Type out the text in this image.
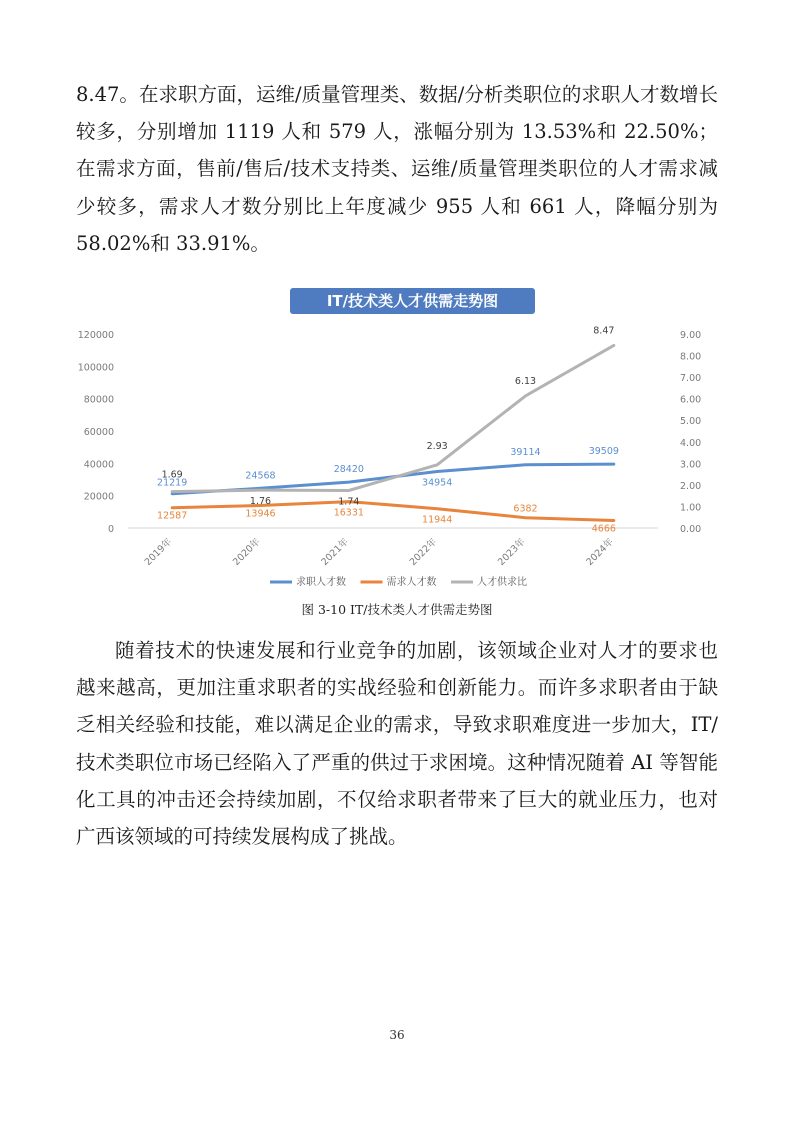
8.47。在求职方面，运维/质量管理类、数据/分析类职位的求职人才数增长较多，分别增加 1119 人和 579 人，涨幅分别为 13.53%和 22.50%；在需求方面，售前/售后/技术支持类、运维/质量管理类职位的人才需求减少较多，需求人才数分别比上年度减少 955 人和 661 人，降幅分别为 58.02%和 33.91%。

IT/技术类人才供需走势图
0
20000
40000
60000
80000
100000
120000
0.00
1.00
2.00
3.00
4.00
5.00
6.00
7.00
8.00
9.00
2019年	2020年	2021年	2022年	2023年	2024年
21219
24568
28420
34954
39114	39509
12587	13946	16331
11944
6382
4666
1.69
1.76	1.74
2.93
6.13
8.47
求职人才数	需求人才数	人才供求比
图 3-10 IT/技术类人才供需走势图

随着技术的快速发展和行业竞争的加剧，该领域企业对人才的要求也越来越高，更加注重求职者的实战经验和创新能力。而许多求职者由于缺乏相关经验和技能，难以满足企业的需求，导致求职难度进一步加大，IT/技术类职位市场已经陷入了严重的供过于求困境。这种情况随着 AI 等智能化工具的冲击还会持续加剧，不仅给求职者带来了巨大的就业压力，也对广西该领域的可持续发展构成了挑战。

36
